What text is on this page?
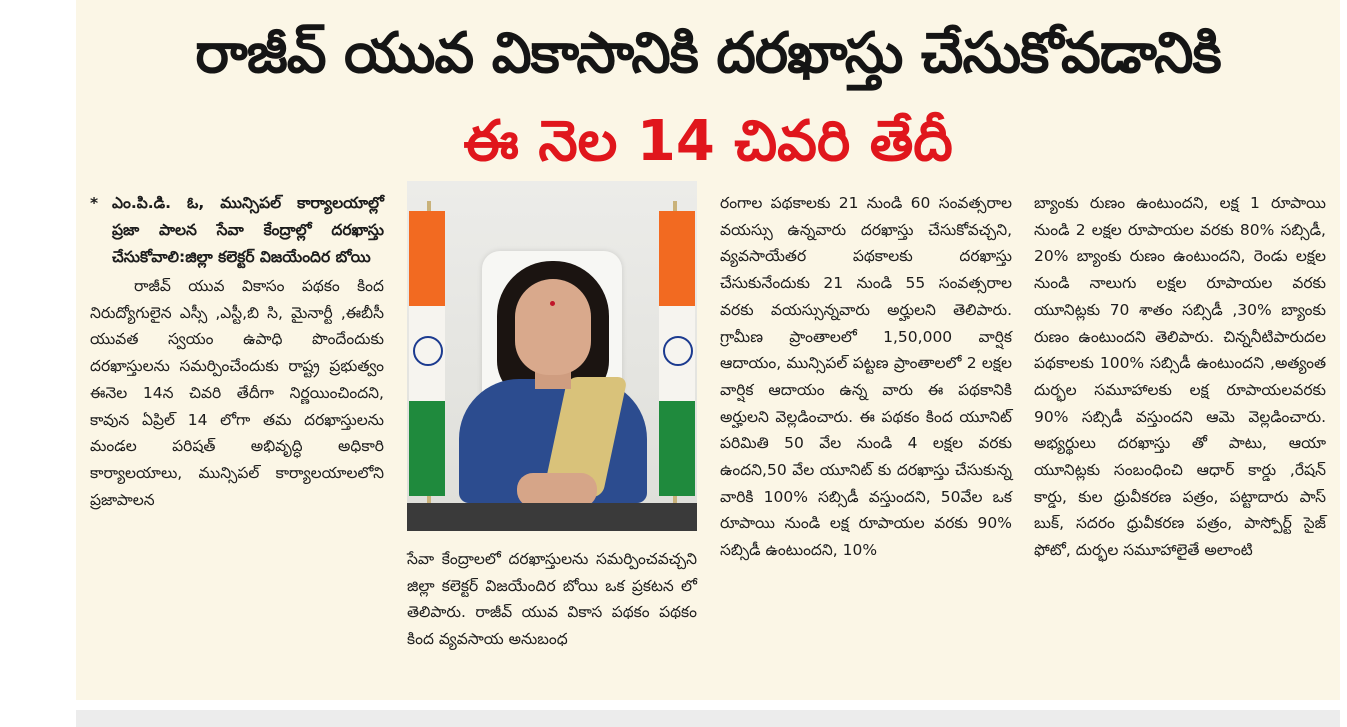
రాజీవ్ యువ వికాసానికి దరఖాస్తు చేసుకోవడానికి
ఈ నెల 14 చివరి తేదీ
* ఎం.పి.డి. ఓ, మున్సిపల్ కార్యాలయాల్లో ప్రజా పాలన సేవా కేంద్రాల్లో దరఖాస్తు చేసుకోవాలి:జిల్లా కలెక్టర్ విజయేందిర బోయి

రాజీవ్ యువ వికాసం పథకం కింద నిరుద్యోగులైన ఎస్సీ ,ఎస్టీ,బి సి, మైనార్టీ ,ఈబీసీ యువత స్వయం ఉపాధి పొందేందుకు దరఖాస్తులను సమర్పించేందుకు రాష్ట్ర ప్రభుత్వం ఈనెల 14న చివరి తేదీగా నిర్ణయించిందని, కావున ఏప్రిల్ 14 లోగా తమ దరఖాస్తులను మండల పరిషత్ అభివృద్ధి అధికారి కార్యాలయాలు, మున్సిపల్ కార్యాలయాలలోని ప్రజాపాలన

సేవా కేంద్రాలలో దరఖాస్తులను సమర్పించవచ్చని జిల్లా కలెక్టర్ విజయేందిర బోయి ఒక ప్రకటన లో తెలిపారు. రాజీవ్ యువ వికాస పథకం పథకం కింద వ్యవసాయ అనుబంధ

రంగాల పథకాలకు 21 నుండి 60 సంవత్సరాల వయస్సు ఉన్నవారు దరఖాస్తు చేసుకోవచ్చని, వ్యవసాయేతర పథకాలకు దరఖాస్తు చేసుకునేందుకు 21 నుండి 55 సంవత్సరాల వరకు వయస్సున్నవారు అర్హులని తెలిపారు. గ్రామీణ ప్రాంతాలలో 1,50,000 వార్షిక ఆదాయం, మున్సిపల్ పట్టణ ప్రాంతాలలో 2 లక్షల వార్షిక ఆదాయం ఉన్న వారు ఈ పథకానికి అర్హులని వెల్లడించారు. ఈ పథకం కింద యూనిట్ పరిమితి 50 వేల నుండి 4 లక్షల వరకు ఉందని,50 వేల యూనిట్ కు దరఖాస్తు చేసుకున్న వారికి 100% సబ్సిడీ వస్తుందని, 50వేల ఒక రూపాయి నుండి లక్ష రూపాయల వరకు 90% సబ్సిడీ ఉంటుందని, 10%

బ్యాంకు రుణం ఉంటుందని, లక్ష 1 రూపాయి నుండి 2 లక్షల రూపాయల వరకు 80% సబ్సిడీ, 20% బ్యాంకు రుణం ఉంటుందని, రెండు లక్షల నుండి నాలుగు లక్షల రూపాయల వరకు యూనిట్లకు 70 శాతం సబ్సిడీ ,30% బ్యాంకు రుణం ఉంటుందని తెలిపారు. చిన్ననీటిపారుదల పథకాలకు 100% సబ్సిడీ ఉంటుందని ,అత్యంత దుర్భల సమూహాలకు లక్ష రూపాయలవరకు 90% సబ్సిడీ వస్తుందని ఆమె వెల్లడించారు. అభ్యర్థులు దరఖాస్తు తో పాటు, ఆయా యూనిట్లకు సంబంధించి ఆధార్ కార్డు ,రేషన్ కార్డు, కుల ధ్రువీకరణ పత్రం, పట్టాదారు పాస్ బుక్, సదరం ధ్రువీకరణ పత్రం, పాస్పోర్ట్ సైజ్ ఫోటో, దుర్భల సమూహాలైతే అలాంటి
